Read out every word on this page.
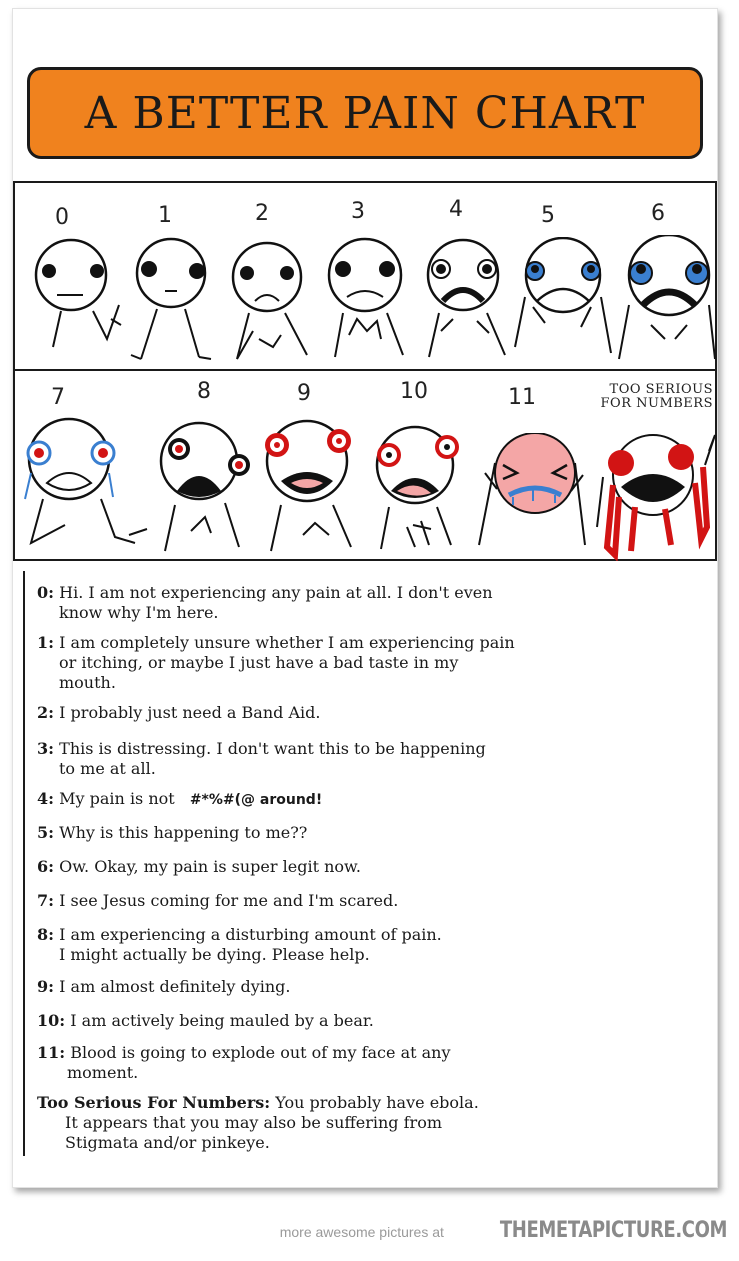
A BETTER PAIN CHART
0	1	2	3	4	5	6
7	8	9	10	11	TOO SERIOUS
FOR NUMBERS
0: Hi. I am not experiencing any pain at all. I don't even
know why I'm here.
1: I am completely unsure whether I am experiencing pain
or itching, or maybe I just have a bad taste in my
mouth.
2: I probably just need a Band Aid.
3: This is distressing. I don't want this to be happening
to me at all.
4: My pain is not #*%#(@ around!
5: Why is this happening to me??
6: Ow. Okay, my pain is super legit now.
7: I see Jesus coming for me and I'm scared.
8: I am experiencing a disturbing amount of pain.
I might actually be dying. Please help.
9: I am almost definitely dying.
10: I am actively being mauled by a bear.
11: Blood is going to explode out of my face at any
moment.
Too Serious For Numbers: You probably have ebola.
It appears that you may also be suffering from
Stigmata and/or pinkeye.
more awesome pictures at	THEMETAPICTURE.COM
